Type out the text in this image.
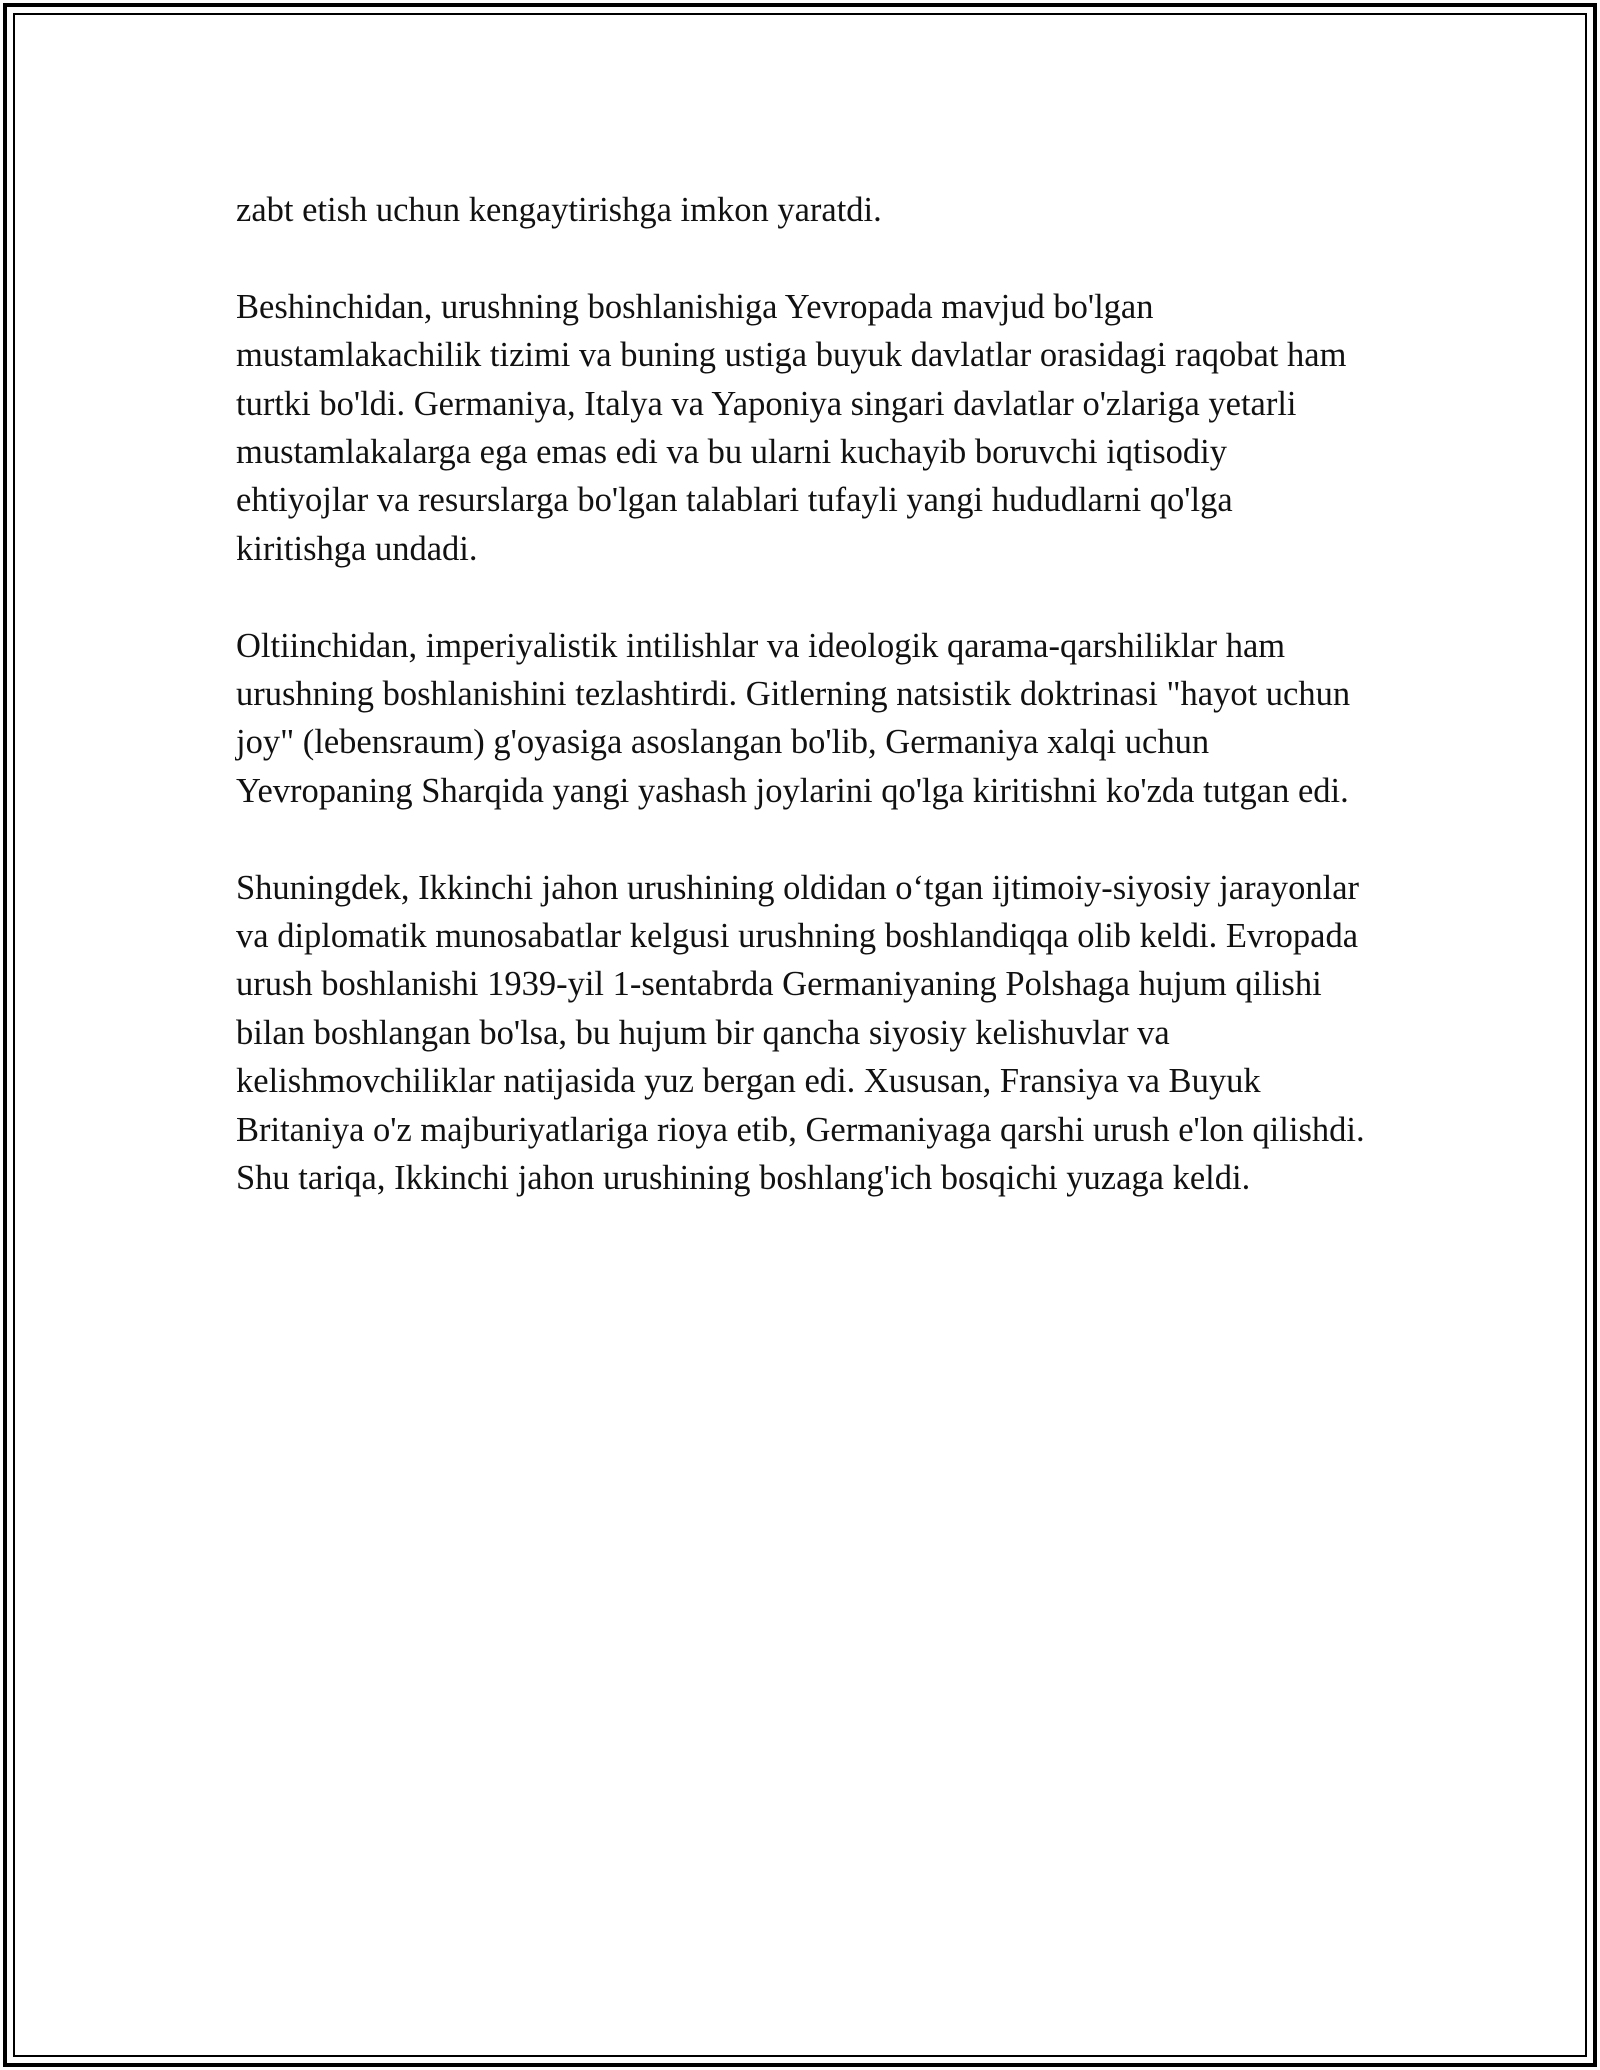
zabt etish uchun kengaytirishga imkon yaratdi.

Beshinchidan, urushning boshlanishiga Yevropada mavjud bo'lgan mustamlakachilik tizimi va buning ustiga buyuk davlatlar orasidagi raqobat ham turtki bo'ldi. Germaniya, Italya va Yaponiya singari davlatlar o'zlariga yetarli mustamlakalarga ega emas edi va bu ularni kuchayib boruvchi iqtisodiy ehtiyojlar va resurslarga bo'lgan talablari tufayli yangi hududlarni qo'lga kiritishga undadi.

Oltiinchidan, imperiyalistik intilishlar va ideologik qarama-qarshiliklar ham urushning boshlanishini tezlashtirdi. Gitlerning natsistik doktrinasi "hayot uchun joy" (lebensraum) g'oyasiga asoslangan bo'lib, Germaniya xalqi uchun Yevropaning Sharqida yangi yashash joylarini qo'lga kiritishni ko'zda tutgan edi.

Shuningdek, Ikkinchi jahon urushining oldidan o‘tgan ijtimoiy-siyosiy jarayonlar va diplomatik munosabatlar kelgusi urushning boshlandiqqa olib keldi. Evropada urush boshlanishi 1939-yil 1-sentabrda Germaniyaning Polshaga hujum qilishi bilan boshlangan bo'lsa, bu hujum bir qancha siyosiy kelishuvlar va kelishmovchiliklar natijasida yuz bergan edi. Xususan, Fransiya va Buyuk Britaniya o'z majburiyatlariga rioya etib, Germaniyaga qarshi urush e'lon qilishdi. Shu tariqa, Ikkinchi jahon urushining boshlang'ich bosqichi yuzaga keldi.
